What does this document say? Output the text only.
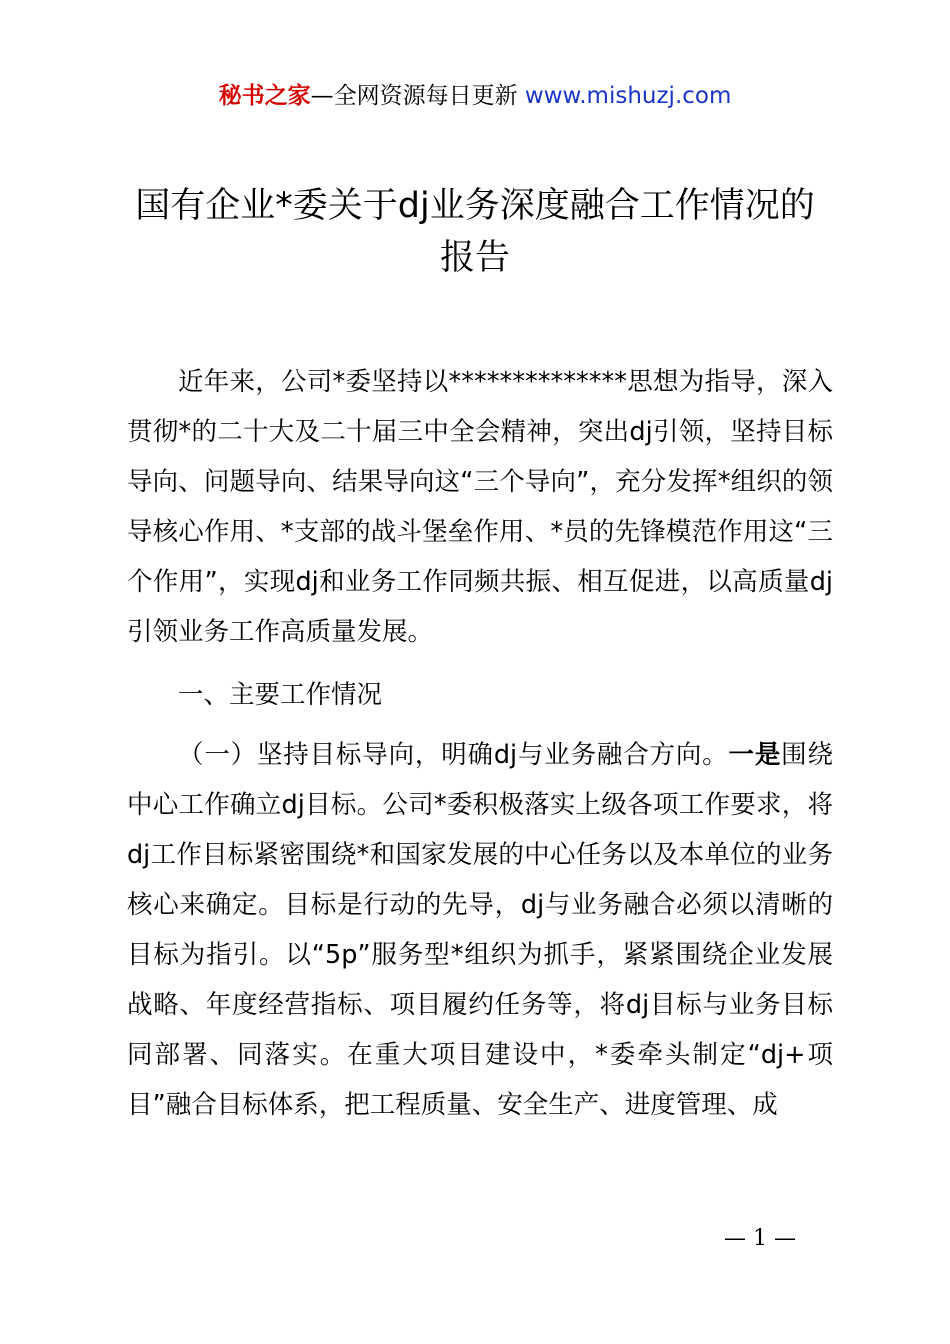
秘书之家—全网资源每日更新 www.mishuzj.com
国有企业*委关于dj业务深度融合工作情况的报告

近年来，公司*委坚持以**************思想为指导，深入贯彻*的二十大及二十届三中全会精神，突出dj引领，坚持目标导向、问题导向、结果导向这“三个导向”，充分发挥*组织的领导核心作用、*支部的战斗堡垒作用、*员的先锋模范作用这“三个作用”，实现dj和业务工作同频共振、相互促进，以高质量dj引领业务工作高质量发展。

一、主要工作情况

（一）坚持目标导向，明确dj与业务融合方向。一是围绕中心工作确立dj目标。公司*委积极落实上级各项工作要求，将dj工作目标紧密围绕*和国家发展的中心任务以及本单位的业务核心来确定。目标是行动的先导，dj与业务融合必须以清晰的目标为指引。以“5p”服务型*组织为抓手，紧紧围绕企业发展战略、年度经营指标、项目履约任务等，将dj目标与业务目标同部署、同落实。在重大项目建设中，*委牵头制定“dj+项目”融合目标体系，把工程质量、安全生产、进度管理、成

— 1 —
